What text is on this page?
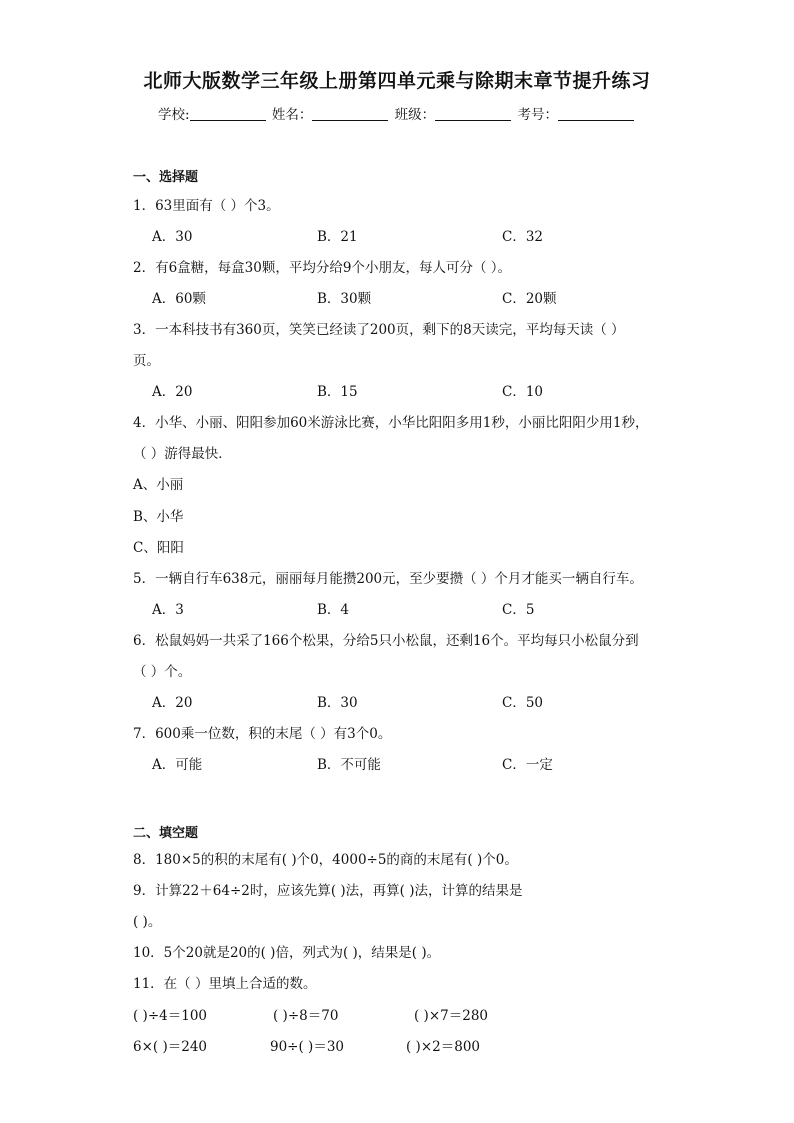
北师大版数学三年级上册第四单元乘与除期末章节提升练习
学校:	姓名：	班级：	考号：
一、选择题
1．63里面有（ ）个3。
A．30	B．21	C．32
2．有6盒糖，每盒30颗，平均分给9个小朋友，每人可分（ ）。
A．60颗	B．30颗	C．20颗
3．一本科技书有360页，笑笑已经读了200页，剩下的8天读完，平均每天读（ ）
页。
A．20	B．15	C．10
4．小华、小丽、阳阳参加60米游泳比赛，小华比阳阳多用1秒，小丽比阳阳少用1秒，
（ ）游得最快．
A、小丽
B、小华
C、阳阳
5．一辆自行车638元，丽丽每月能攒200元，至少要攒（ ）个月才能买一辆自行车。
A．3	B．4	C．5
6．松鼠妈妈一共采了166个松果，分给5只小松鼠，还剩16个。平均每只小松鼠分到
（ ）个。
A．20	B．30	C．50
7．600乘一位数，积的末尾（ ）有3个0。
A．可能	B．不可能	C．一定
二、填空题
8．180×5的积的末尾有( )个0，4000÷5的商的末尾有( )个0。
9．计算22＋64÷2时，应该先算( )法，再算( )法，计算的结果是
( )。
10．5个20就是20的( )倍，列式为( )，结果是( )。
11．在（ ）里填上合适的数。
( )÷4＝100	( )÷8＝70	( )×7＝280
6×( )＝240	90÷( )＝30	( )×2＝800
